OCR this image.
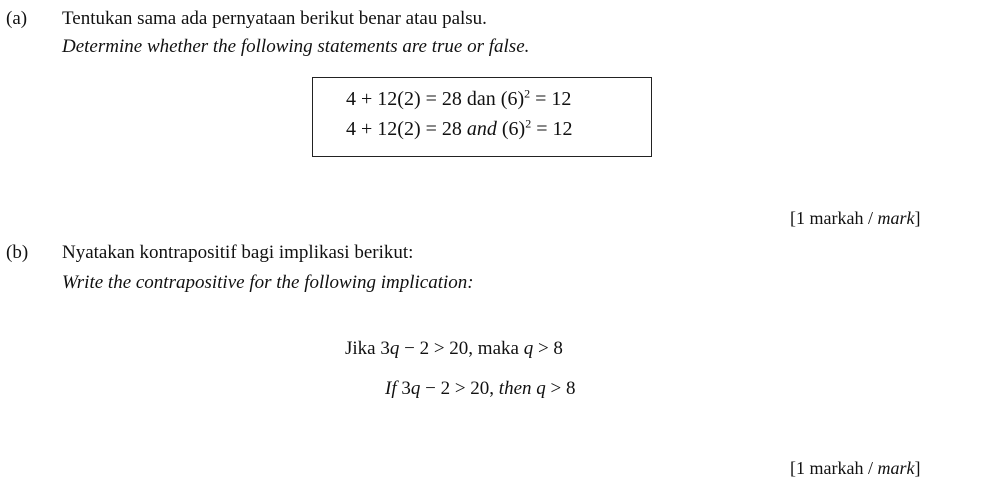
(a) Tentukan sama ada pernyataan berikut benar atau palsu.
Determine whether the following statements are true or false.
4 + 12(2) = 28 dan $(6)^2 = 12$
4 + 12(2) = 28 and $(6)^2 = 12$
[1 markah / mark]
(b) Nyatakan kontrapositif bagi implikasi berikut:
Write the contrapositive for the following implication:
Jika 3q − 2 > 20, maka q > 8
If 3q − 2 > 20, then q > 8
[1 markah / mark]
